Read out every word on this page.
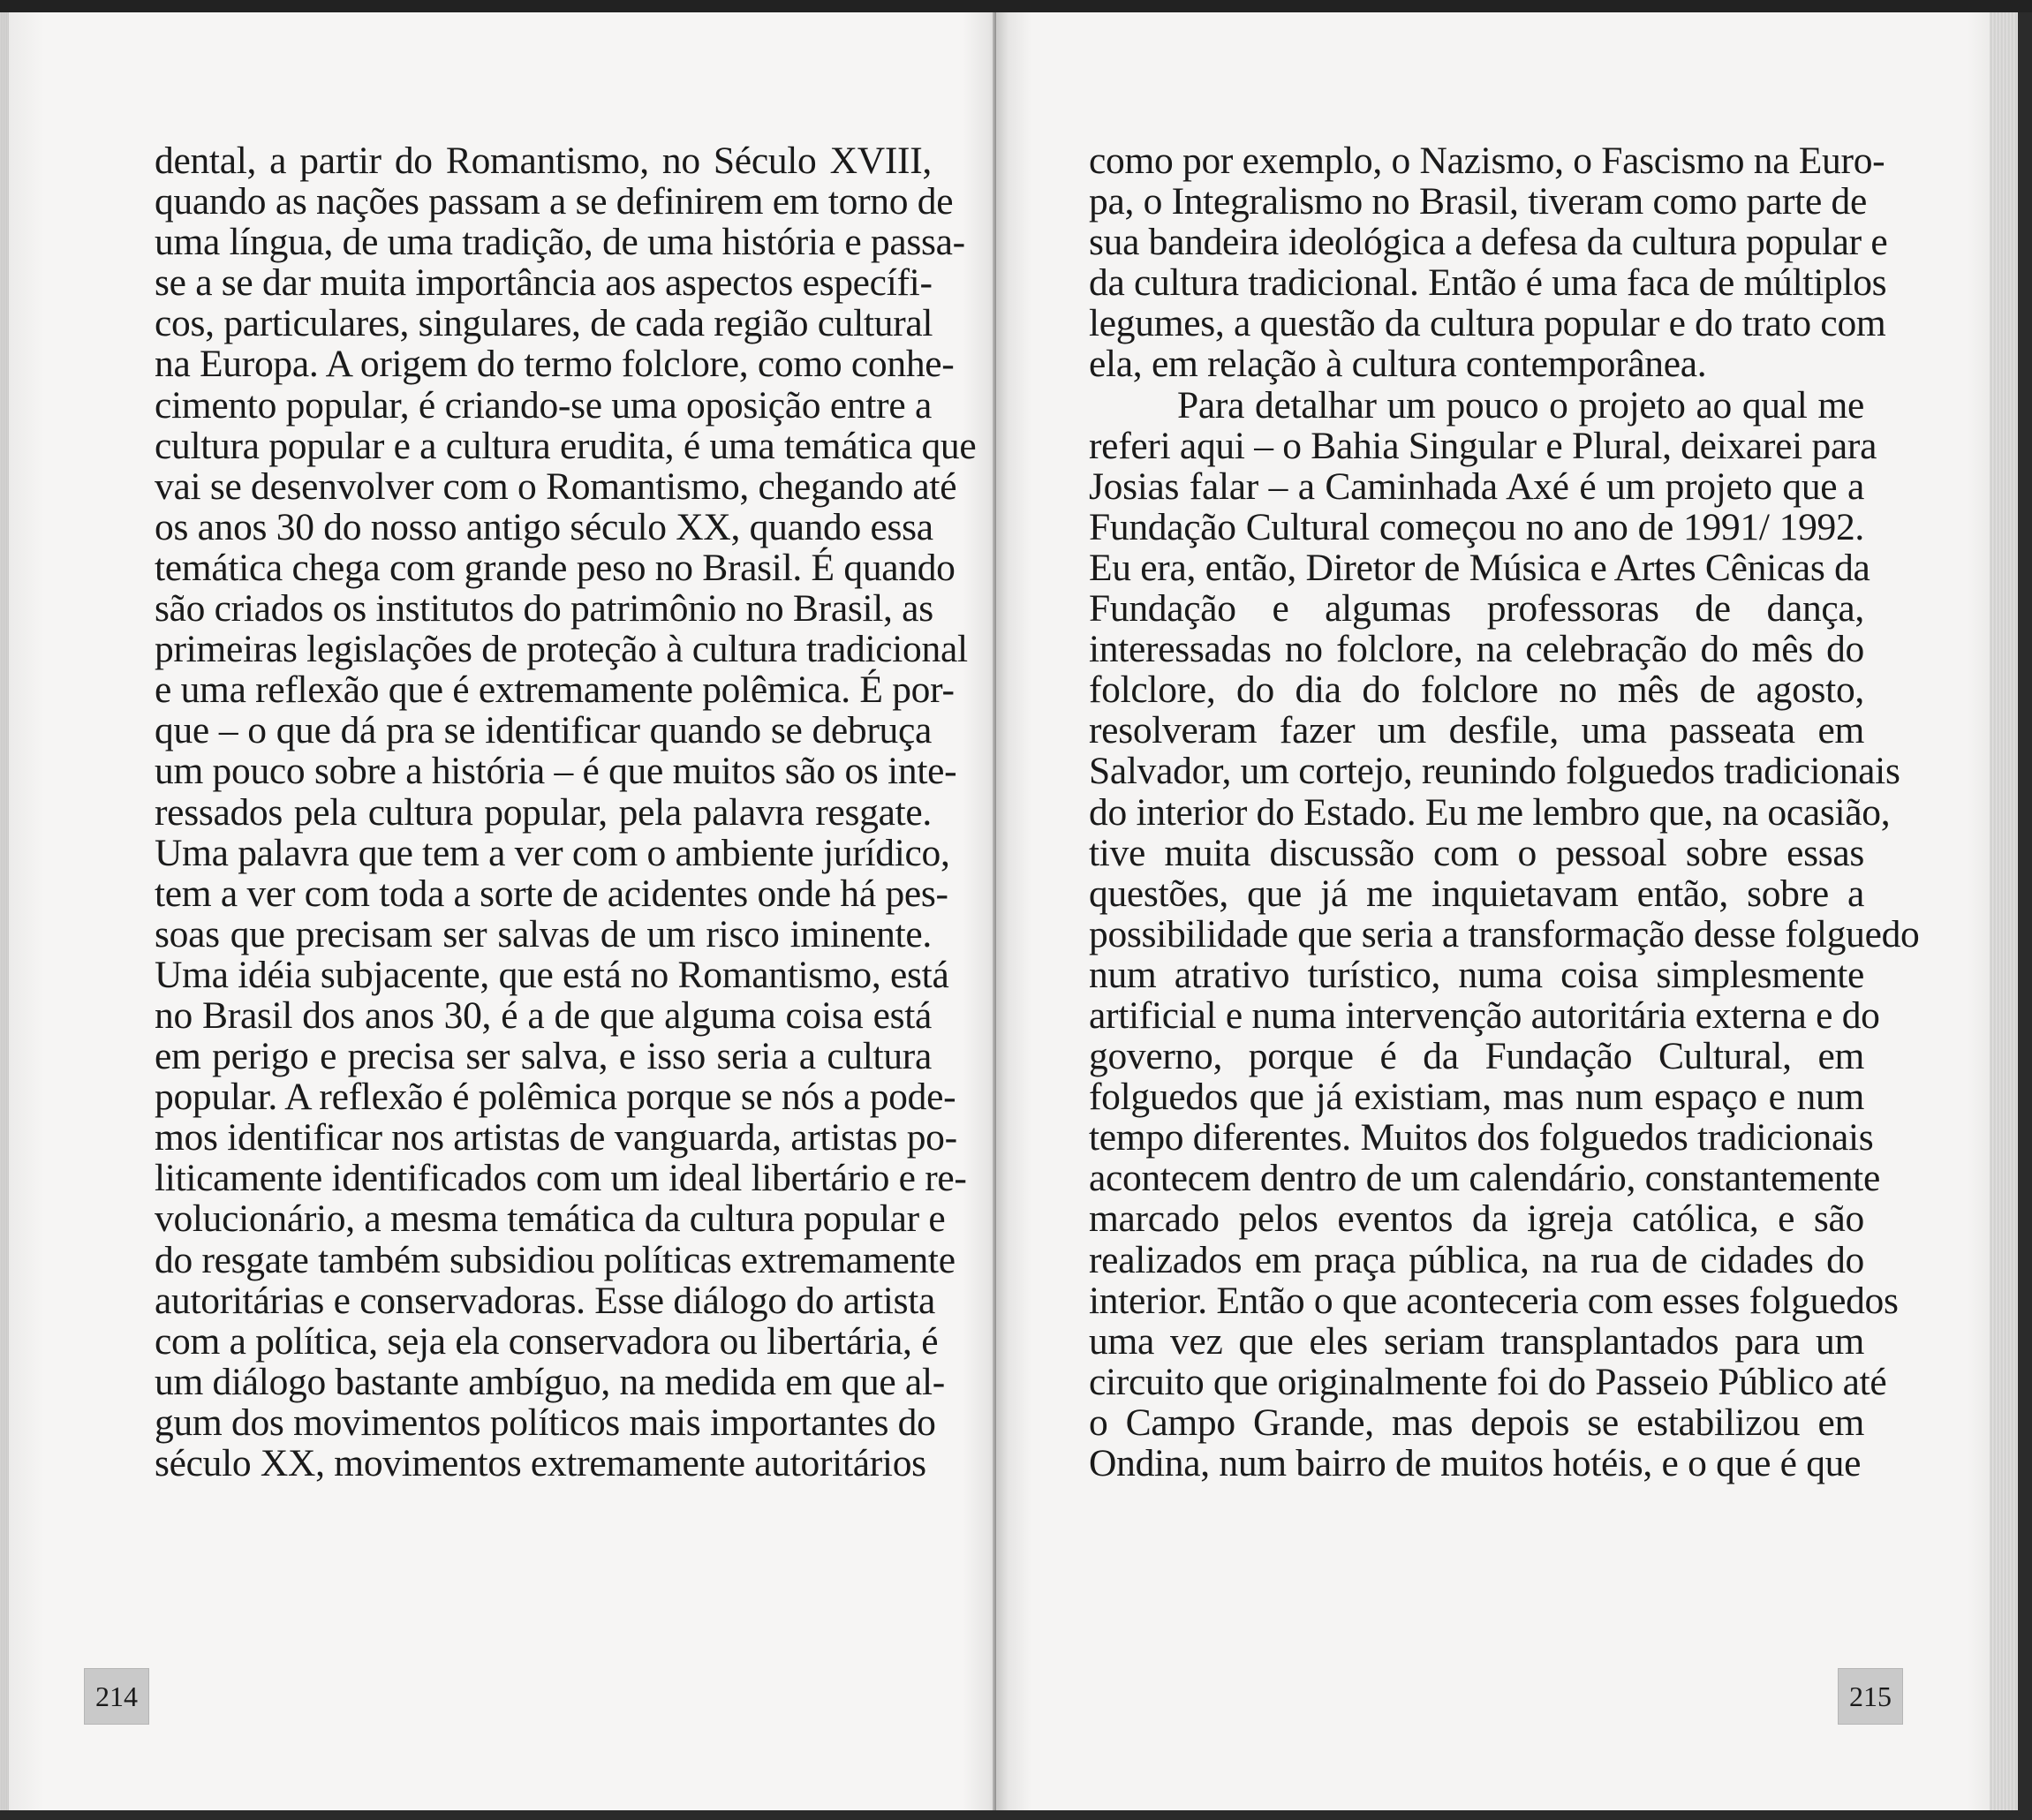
dental, a partir do Romantismo, no Século XVIII,
quando as nações passam a se definirem em torno de
uma língua, de uma tradição, de uma história e passa-
se a se dar muita importância aos aspectos específi-
cos, particulares, singulares, de cada região cultural
na Europa. A origem do termo folclore, como conhe-
cimento popular, é criando-se uma oposição entre a
cultura popular e a cultura erudita, é uma temática que
vai se desenvolver com o Romantismo, chegando até
os anos 30 do nosso antigo século XX, quando essa
temática chega com grande peso no Brasil. É quando
são criados os institutos do patrimônio no Brasil, as
primeiras legislações de proteção à cultura tradicional
e uma reflexão que é extremamente polêmica. É por-
que – o que dá pra se identificar quando se debruça
um pouco sobre a história – é que muitos são os inte-
ressados pela cultura popular, pela palavra resgate.
Uma palavra que tem a ver com o ambiente jurídico,
tem a ver com toda a sorte de acidentes onde há pes-
soas que precisam ser salvas de um risco iminente.
Uma idéia subjacente, que está no Romantismo, está
no Brasil dos anos 30, é a de que alguma coisa está
em perigo e precisa ser salva, e isso seria a cultura
popular. A reflexão é polêmica porque se nós a pode-
mos identificar nos artistas de vanguarda, artistas po-
liticamente identificados com um ideal libertário e re-
volucionário, a mesma temática da cultura popular e
do resgate também subsidiou políticas extremamente
autoritárias e conservadoras. Esse diálogo do artista
com a política, seja ela conservadora ou libertária, é
um diálogo bastante ambíguo, na medida em que al-
gum dos movimentos políticos mais importantes do
século XX, movimentos extremamente autoritários
214
como por exemplo, o Nazismo, o Fascismo na Euro-
pa, o Integralismo no Brasil, tiveram como parte de
sua bandeira ideológica a defesa da cultura popular e
da cultura tradicional. Então é uma faca de múltiplos
legumes, a questão da cultura popular e do trato com
ela, em relação à cultura contemporânea.
Para detalhar um pouco o projeto ao qual me
referi aqui – o Bahia Singular e Plural, deixarei para
Josias falar – a Caminhada Axé é um projeto que a
Fundação Cultural começou no ano de 1991/ 1992.
Eu era, então, Diretor de Música e Artes Cênicas da
Fundação e algumas professoras de dança,
interessadas no folclore, na celebração do mês do
folclore, do dia do folclore no mês de agosto,
resolveram fazer um desfile, uma passeata em
Salvador, um cortejo, reunindo folguedos tradicionais
do interior do Estado. Eu me lembro que, na ocasião,
tive muita discussão com o pessoal sobre essas
questões, que já me inquietavam então, sobre a
possibilidade que seria a transformação desse folguedo
num atrativo turístico, numa coisa simplesmente
artificial e numa intervenção autoritária externa e do
governo, porque é da Fundação Cultural, em
folguedos que já existiam, mas num espaço e num
tempo diferentes. Muitos dos folguedos tradicionais
acontecem dentro de um calendário, constantemente
marcado pelos eventos da igreja católica, e são
realizados em praça pública, na rua de cidades do
interior. Então o que aconteceria com esses folguedos
uma vez que eles seriam transplantados para um
circuito que originalmente foi do Passeio Público até
o Campo Grande, mas depois se estabilizou em
Ondina, num bairro de muitos hotéis, e o que é que
215
